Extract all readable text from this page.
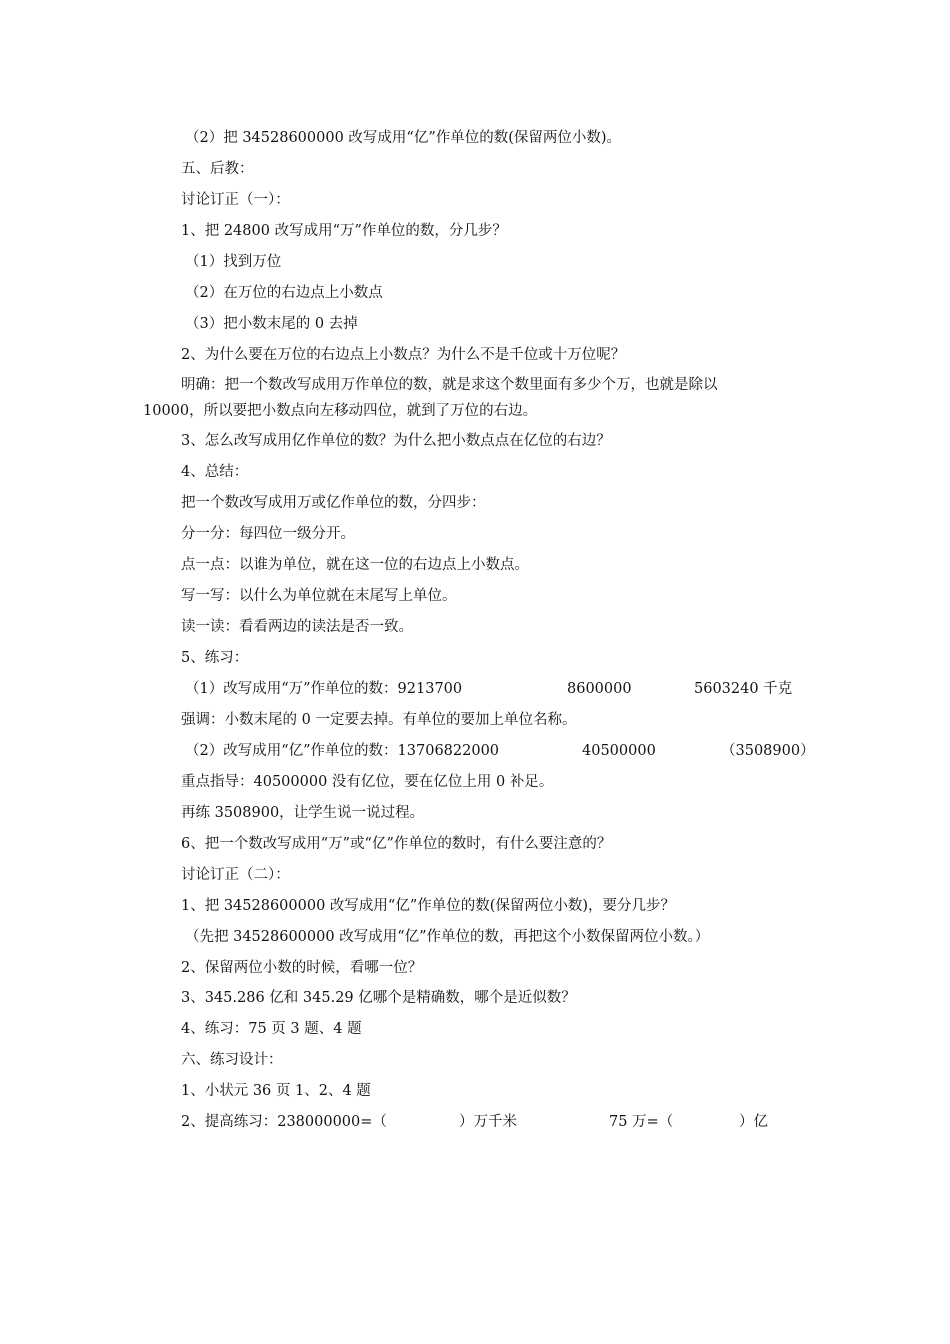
（2）把 34528600000 改写成用“亿”作单位的数(保留两位小数)。
五、后教：
讨论订正（一）：
1、把 24800 改写成用“万”作单位的数，分几步？
（1）找到万位
（2）在万位的右边点上小数点
（3）把小数末尾的 0 去掉
2、为什么要在万位的右边点上小数点？为什么不是千位或十万位呢？
明确：把一个数改写成用万作单位的数，就是求这个数里面有多少个万，也就是除以
10000，所以要把小数点向左移动四位，就到了万位的右边。
3、怎么改写成用亿作单位的数？为什么把小数点点在亿位的右边？
4、总结：
把一个数改写成用万或亿作单位的数，分四步：
分一分：每四位一级分开。
点一点：以谁为单位，就在这一位的右边点上小数点。
写一写：以什么为单位就在末尾写上单位。
读一读：看看两边的读法是否一致。
5、练习：
（1）改写成用“万”作单位的数：9213700	8600000	5603240 千克
强调：小数末尾的 0 一定要去掉。有单位的要加上单位名称。
（2）改写成用“亿”作单位的数：13706822000	40500000	（3508900）
重点指导：40500000 没有亿位，要在亿位上用 0 补足。
再练 3508900，让学生说一说过程。
6、把一个数改写成用“万”或“亿”作单位的数时，有什么要注意的？
讨论订正（二）：
1、把 34528600000 改写成用“亿”作单位的数(保留两位小数)，要分几步？
（先把 34528600000 改写成用“亿”作单位的数，再把这个小数保留两位小数。）
2、保留两位小数的时候，看哪一位？
3、345.286 亿和 345.29 亿哪个是精确数，哪个是近似数？
4、练习：75 页 3 题、4 题
六、练习设计：
1、小状元 36 页 1、2、4 题
2、提高练习：238000000=（	）万千米	75 万=（	）亿
